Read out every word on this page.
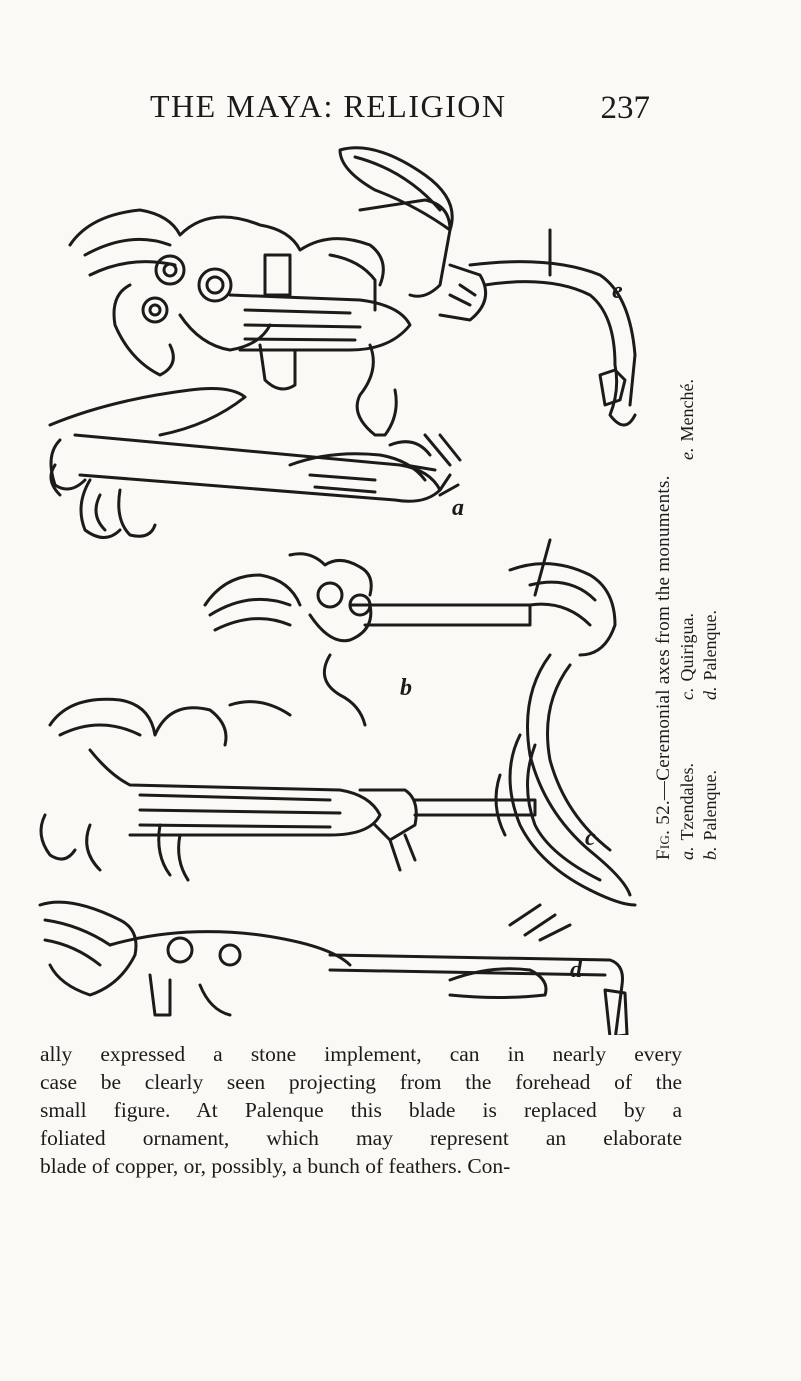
THE MAYA: RELIGION	237
e
a
b
c
d
Fig. 52.—Ceremonial axes from the monuments.
a.Tzendales.
c.Quirigua.
e.Menché.
b.Palenque.
d.Palenque.
ally expressed a stone implement, can in nearly every
case be clearly seen projecting from the forehead of the
small figure. At Palenque this blade is replaced by a
foliated ornament, which may represent an elaborate
blade of copper, or, possibly, a bunch of feathers. Con-
